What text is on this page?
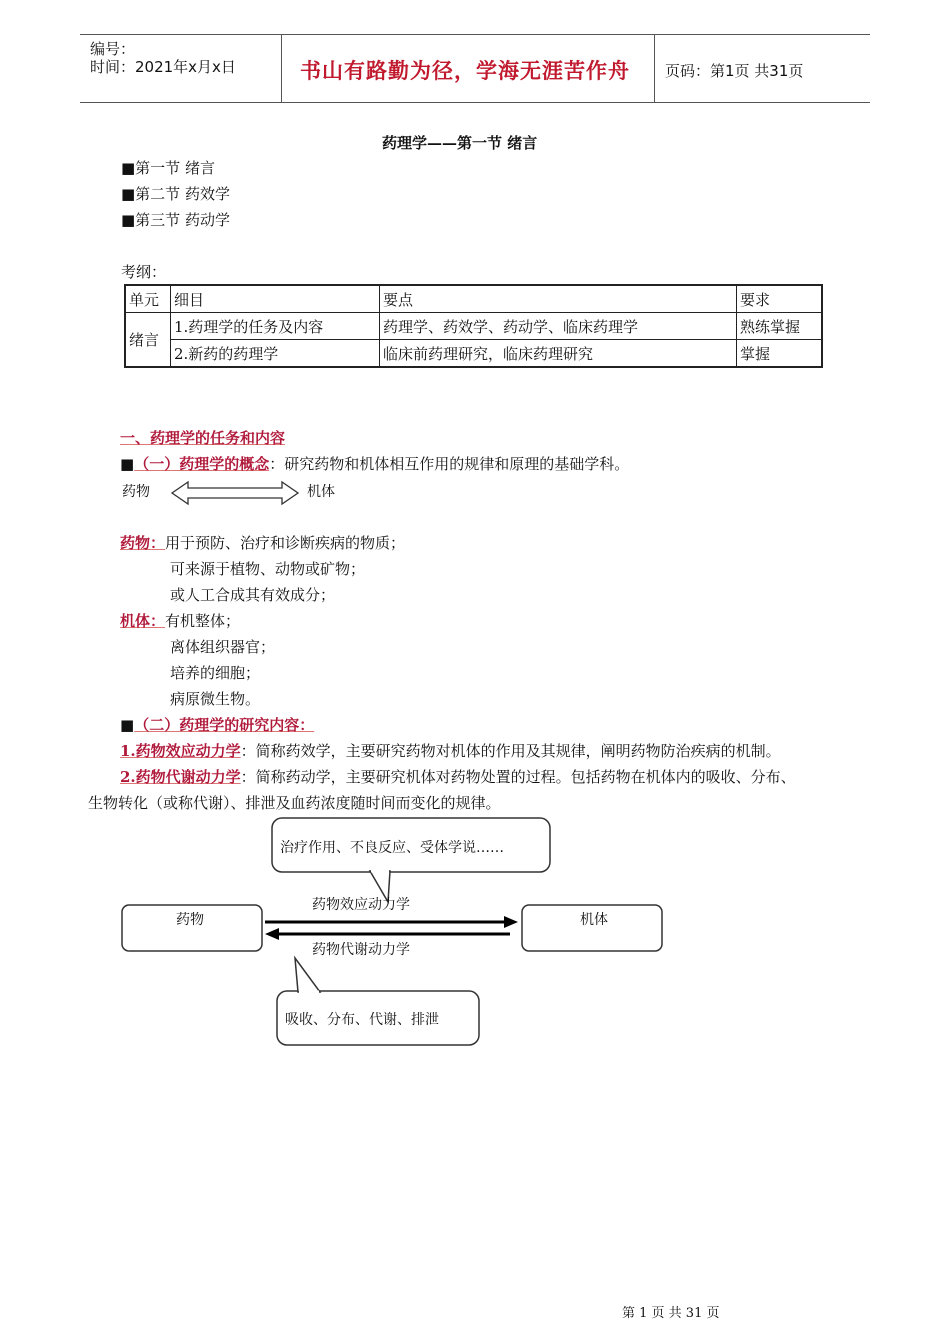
编号：
时间：2021年x月x日	书山有路勤为径，学海无涯苦作舟 页码：第1页 共31页
药理学——第一节 绪言
■第一节 绪言
■第二节 药效学
■第三节 药动学
考纲：
单元	细目	要点	要求
绪言	1.药理学的任务及内容	药理学、药效学、药动学、临床药理学	熟练掌握
	2.新药的药理学	临床前药理研究，临床药理研究	掌握
一、药理学的任务和内容
■（一）药理学的概念：研究药物和机体相互作用的规律和原理的基础学科。
药物	机体
药物：用于预防、治疗和诊断疾病的物质；
可来源于植物、动物或矿物；
或人工合成其有效成分；
机体：有机整体；
离体组织器官；
培养的细胞；
病原微生物。
■（二）药理学的研究内容：
1.药物效应动力学：简称药效学，主要研究药物对机体的作用及其规律，阐明药物防治疾病的机制。
2.药物代谢动力学：简称药动学，主要研究机体对药物处置的过程。包括药物在机体内的吸收、分布、
生物转化（或称代谢）、排泄及血药浓度随时间而变化的规律。
治疗作用、不良反应、受体学说……
药物	机体
药物效应动力学
药物代谢动力学
吸收、分布、代谢、排泄
第 1 页 共 31 页
